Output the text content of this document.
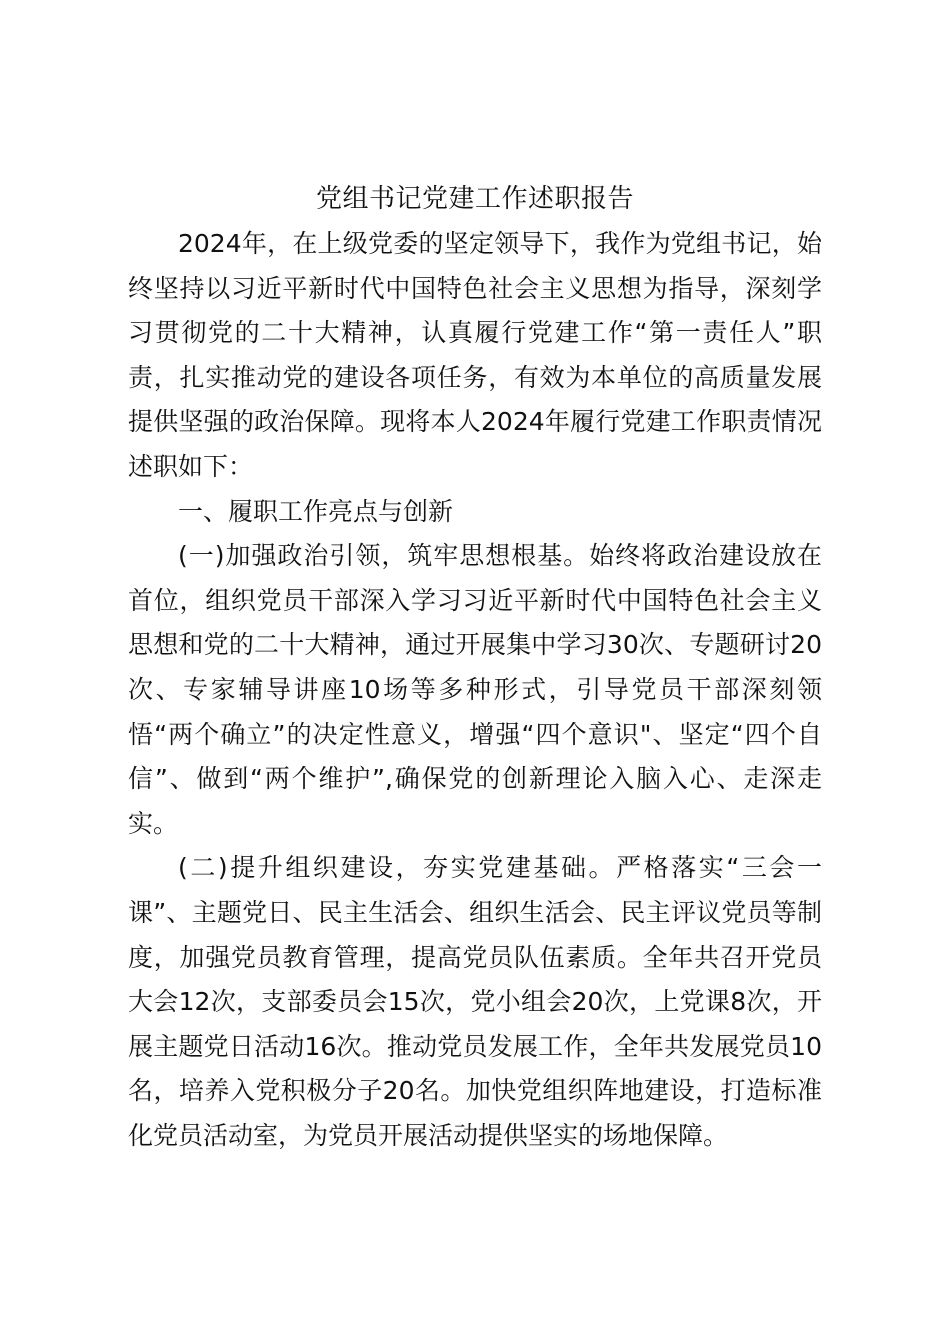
党组书记党建工作述职报告

2024年，在上级党委的坚定领导下，我作为党组书记，始终坚持以习近平新时代中国特色社会主义思想为指导，深刻学习贯彻党的二十大精神，认真履行党建工作“第一责任人”职责，扎实推动党的建设各项任务，有效为本单位的高质量发展提供坚强的政治保障。现将本人2024年履行党建工作职责情况述职如下：

一、履职工作亮点与创新

(一)加强政治引领，筑牢思想根基。始终将政治建设放在首位，组织党员干部深入学习习近平新时代中国特色社会主义思想和党的二十大精神，通过开展集中学习30次、专题研讨20次、专家辅导讲座10场等多种形式，引导党员干部深刻领悟“两个确立”的决定性意义，增强“四个意识"、坚定“四个自信”、做到“两个维护”,确保党的创新理论入脑入心、走深走实。

(二)提升组织建设，夯实党建基础。严格落实“三会一课”、主题党日、民主生活会、组织生活会、民主评议党员等制度，加强党员教育管理，提高党员队伍素质。全年共召开党员大会12次，支部委员会15次，党小组会20次，上党课8次，开展主题党日活动16次。推动党员发展工作，全年共发展党员10名，培养入党积极分子20名。加快党组织阵地建设，打造标准化党员活动室，为党员开展活动提供坚实的场地保障。
